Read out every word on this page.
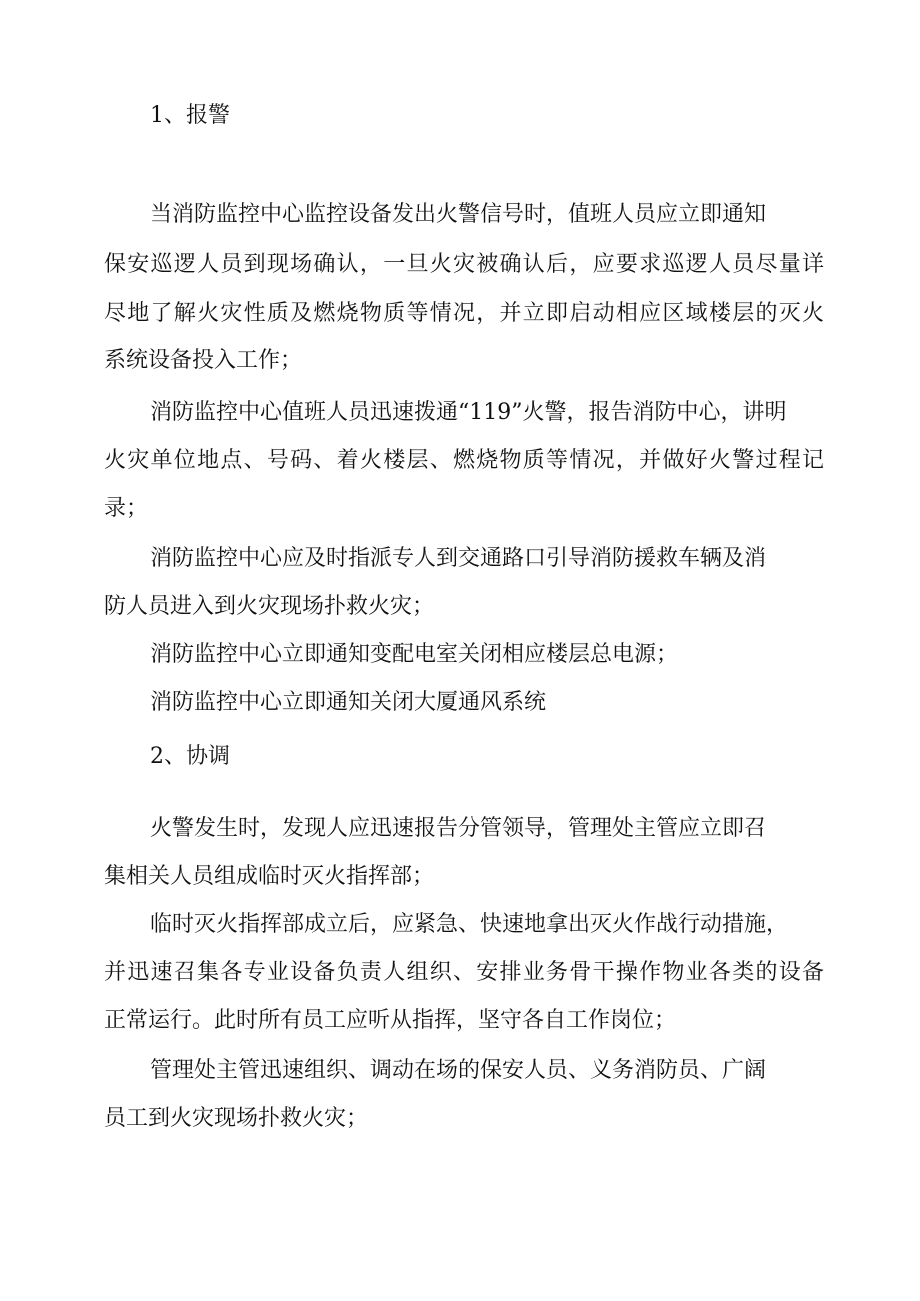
1、报警
当消防监控中心监控设备发出火警信号时，值班人员应立即通知
保安巡逻人员到现场确认，一旦火灾被确认后，应要求巡逻人员尽量详
尽地了解火灾性质及燃烧物质等情况，并立即启动相应区域楼层的灭火
系统设备投入工作；
消防监控中心值班人员迅速拨通“119”火警，报告消防中心，讲明
火灾单位地点、号码、着火楼层、燃烧物质等情况，并做好火警过程记
录；
消防监控中心应及时指派专人到交通路口引导消防援救车辆及消
防人员进入到火灾现场扑救火灾；
消防监控中心立即通知变配电室关闭相应楼层总电源；
消防监控中心立即通知关闭大厦通风系统
2、协调
火警发生时，发现人应迅速报告分管领导，管理处主管应立即召
集相关人员组成临时灭火指挥部；
临时灭火指挥部成立后，应紧急、快速地拿出灭火作战行动措施，
并迅速召集各专业设备负责人组织、安排业务骨干操作物业各类的设备
正常运行。此时所有员工应听从指挥，坚守各自工作岗位；
管理处主管迅速组织、调动在场的保安人员、义务消防员、广阔
员工到火灾现场扑救火灾；
